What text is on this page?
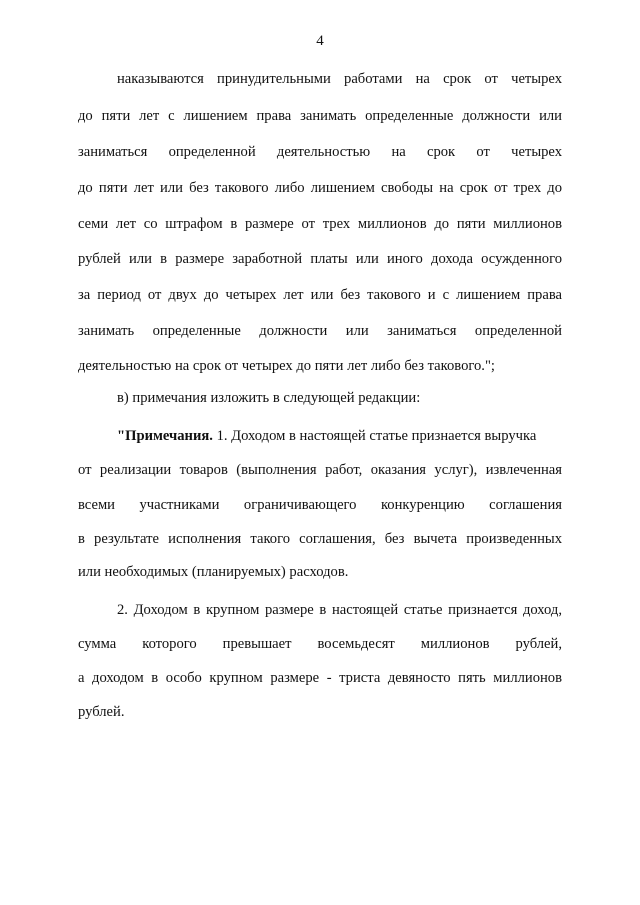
4
наказываются принудительными работами на срок от четырех
до пяти лет с лишением права занимать определенные должности или
заниматься определенной деятельностью на срок от четырех
до пяти лет или без такового либо лишением свободы на срок от трех до
семи лет со штрафом в размере от трех миллионов до пяти миллионов
рублей или в размере заработной платы или иного дохода осужденного
за период от двух до четырех лет или без такового и с лишением права
занимать определенные должности или заниматься определенной
деятельностью на срок от четырех до пяти лет либо без такового.";
в) примечания изложить в следующей редакции:
"Примечания. 1. Доходом в настоящей статье признается выручка
от реализации товаров (выполнения работ, оказания услуг), извлеченная
всеми участниками ограничивающего конкуренцию соглашения
в результате исполнения такого соглашения, без вычета произведенных
или необходимых (планируемых) расходов.
2. Доходом в крупном размере в настоящей статье признается доход,
сумма которого превышает восемьдесят миллионов рублей,
а доходом в особо крупном размере - триста девяносто пять миллионов
рублей.
